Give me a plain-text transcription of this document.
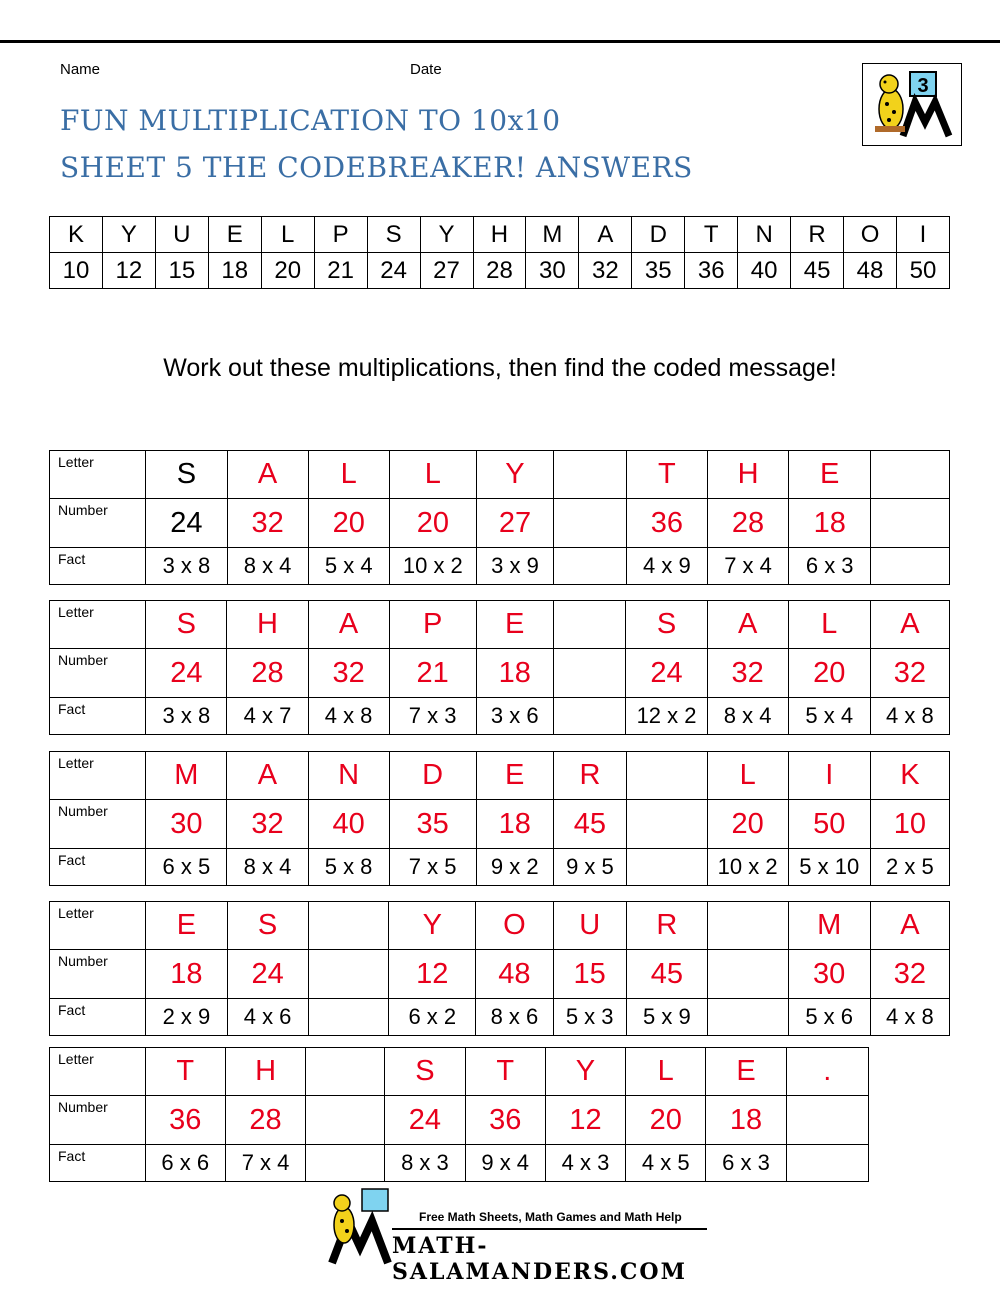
Name	Date
FUN MULTIPLICATION TO 10x10
SHEET 5 THE CODEBREAKER! ANSWERS
3
K	Y	U	E	L	P	S	Y	H	M	A	D	T	N	R	O	I
10	12	15	18	20	21	24	27	28	30	32	35	36	40	45	48	50
Work out these multiplications, then find the coded message!
Letter	S	A	L	L	Y		T	H	E	
Number	24	32	20	20	27		36	28	18	
Fact	3 x 8	8 x 4	5 x 4	10 x 2	3 x 9		4 x 9	7 x 4	6 x 3	
Letter	S	H	A	P	E		S	A	L	A
Number	24	28	32	21	18		24	32	20	32
Fact	3 x 8	4 x 7	4 x 8	7 x 3	3 x 6		12 x 2	8 x 4	5 x 4	4 x 8
Letter	M	A	N	D	E	R		L	I	K
Number	30	32	40	35	18	45		20	50	10
Fact	6 x 5	8 x 4	5 x 8	7 x 5	9 x 2	9 x 5		10 x 2	5 x 10	2 x 5
Letter	E	S		Y	O	U	R		M	A
Number	18	24		12	48	15	45		30	32
Fact	2 x 9	4 x 6		6 x 2	8 x 6	5 x 3	5 x 9		5 x 6	4 x 8
Letter	T	H		S	T	Y	L	E	.
Number	36	28		24	36	12	20	18	
Fact	6 x 6	7 x 4		8 x 3	9 x 4	4 x 3	4 x 5	6 x 3	
Free Math Sheets, Math Games and Math Help
MATH-SALAMANDERS.COM
